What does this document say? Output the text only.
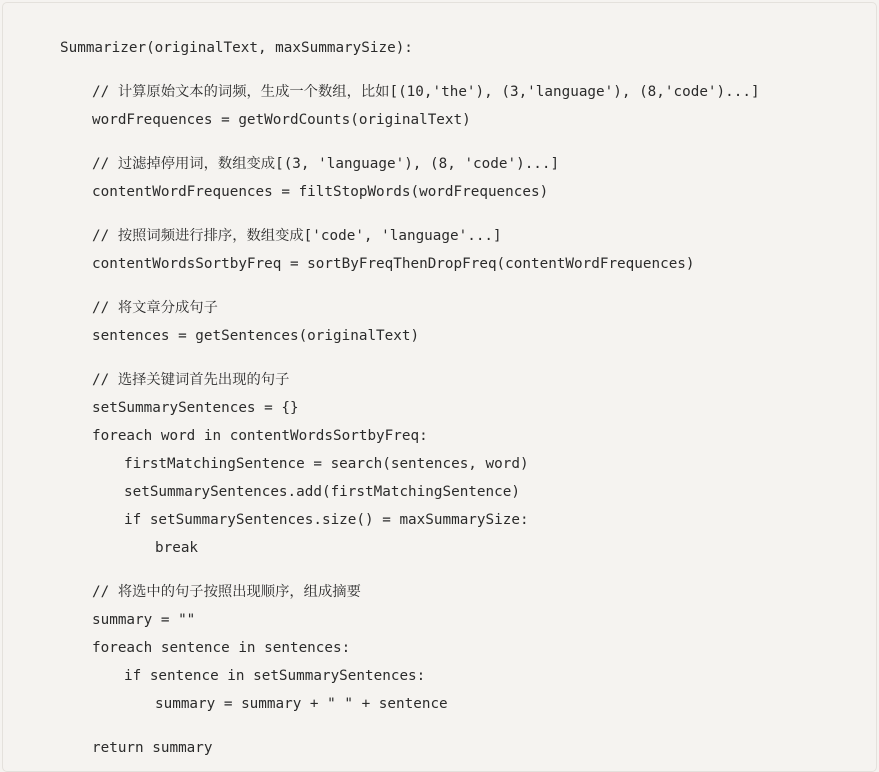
Summarizer(originalText, maxSummarySize):
// 计算原始文本的词频，生成一个数组，比如[(10,'the'), (3,'language'), (8,'code')...]
wordFrequences = getWordCounts(originalText)
// 过滤掉停用词，数组变成[(3, 'language'), (8, 'code')...]
contentWordFrequences = filtStopWords(wordFrequences)
// 按照词频进行排序，数组变成['code', 'language'...]
contentWordsSortbyFreq = sortByFreqThenDropFreq(contentWordFrequences)
// 将文章分成句子
sentences = getSentences(originalText)
// 选择关键词首先出现的句子
setSummarySentences = {}
foreach word in contentWordsSortbyFreq:
firstMatchingSentence = search(sentences, word)
setSummarySentences.add(firstMatchingSentence)
if setSummarySentences.size() = maxSummarySize:
break
// 将选中的句子按照出现顺序，组成摘要
summary = ""
foreach sentence in sentences:
if sentence in setSummarySentences:
summary = summary + " " + sentence
return summary
